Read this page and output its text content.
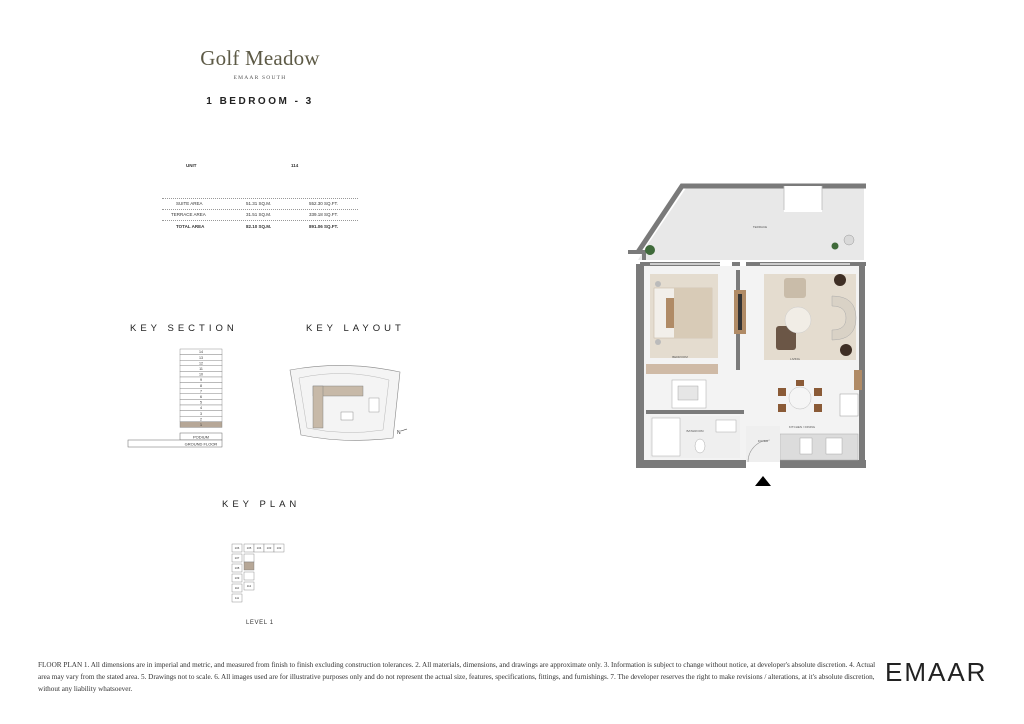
Golf Meadow
EMAAR SOUTH
1 BEDROOM - 3
UNIT	114
SUITE AREA	51.31 SQ.M.	552.30 SQ.FT.
TERRACE AREA	31.51 SQ.M.	339.18 SQ.FT.
TOTAL AREA	82.10 SQ.M.	891.06 SQ.FT.
KEY SECTION	KEY LAYOUT
KEY PLAN
14
13
12
11
10
9
8
7
6
5
4
3
2
1
PODIUM
GROUND FLOOR
N
106	105 104 103 102
107
108
109
110
111
112
LEVEL 1
TERRACE
BEDROOM	LIVING
KITCHEN / DINING
BATHROOM
FOYER
FLOOR PLAN 1. All dimensions are in imperial and metric, and measured from finish to finish excluding construction tolerances. 2. All materials, dimensions, and drawings are approximate only. 3. Information is subject to change without notice, at developer's absolute discretion. 4. Actual area may vary from the stated area. 5. Drawings not to scale. 6. All images used are for illustrative purposes only and do not represent the actual size, features, specifications, fittings, and furnishings. 7. The developer reserves the right to make revisions / alterations, at it's absolute discretion, without any liability whatsoever.
EMAAR
